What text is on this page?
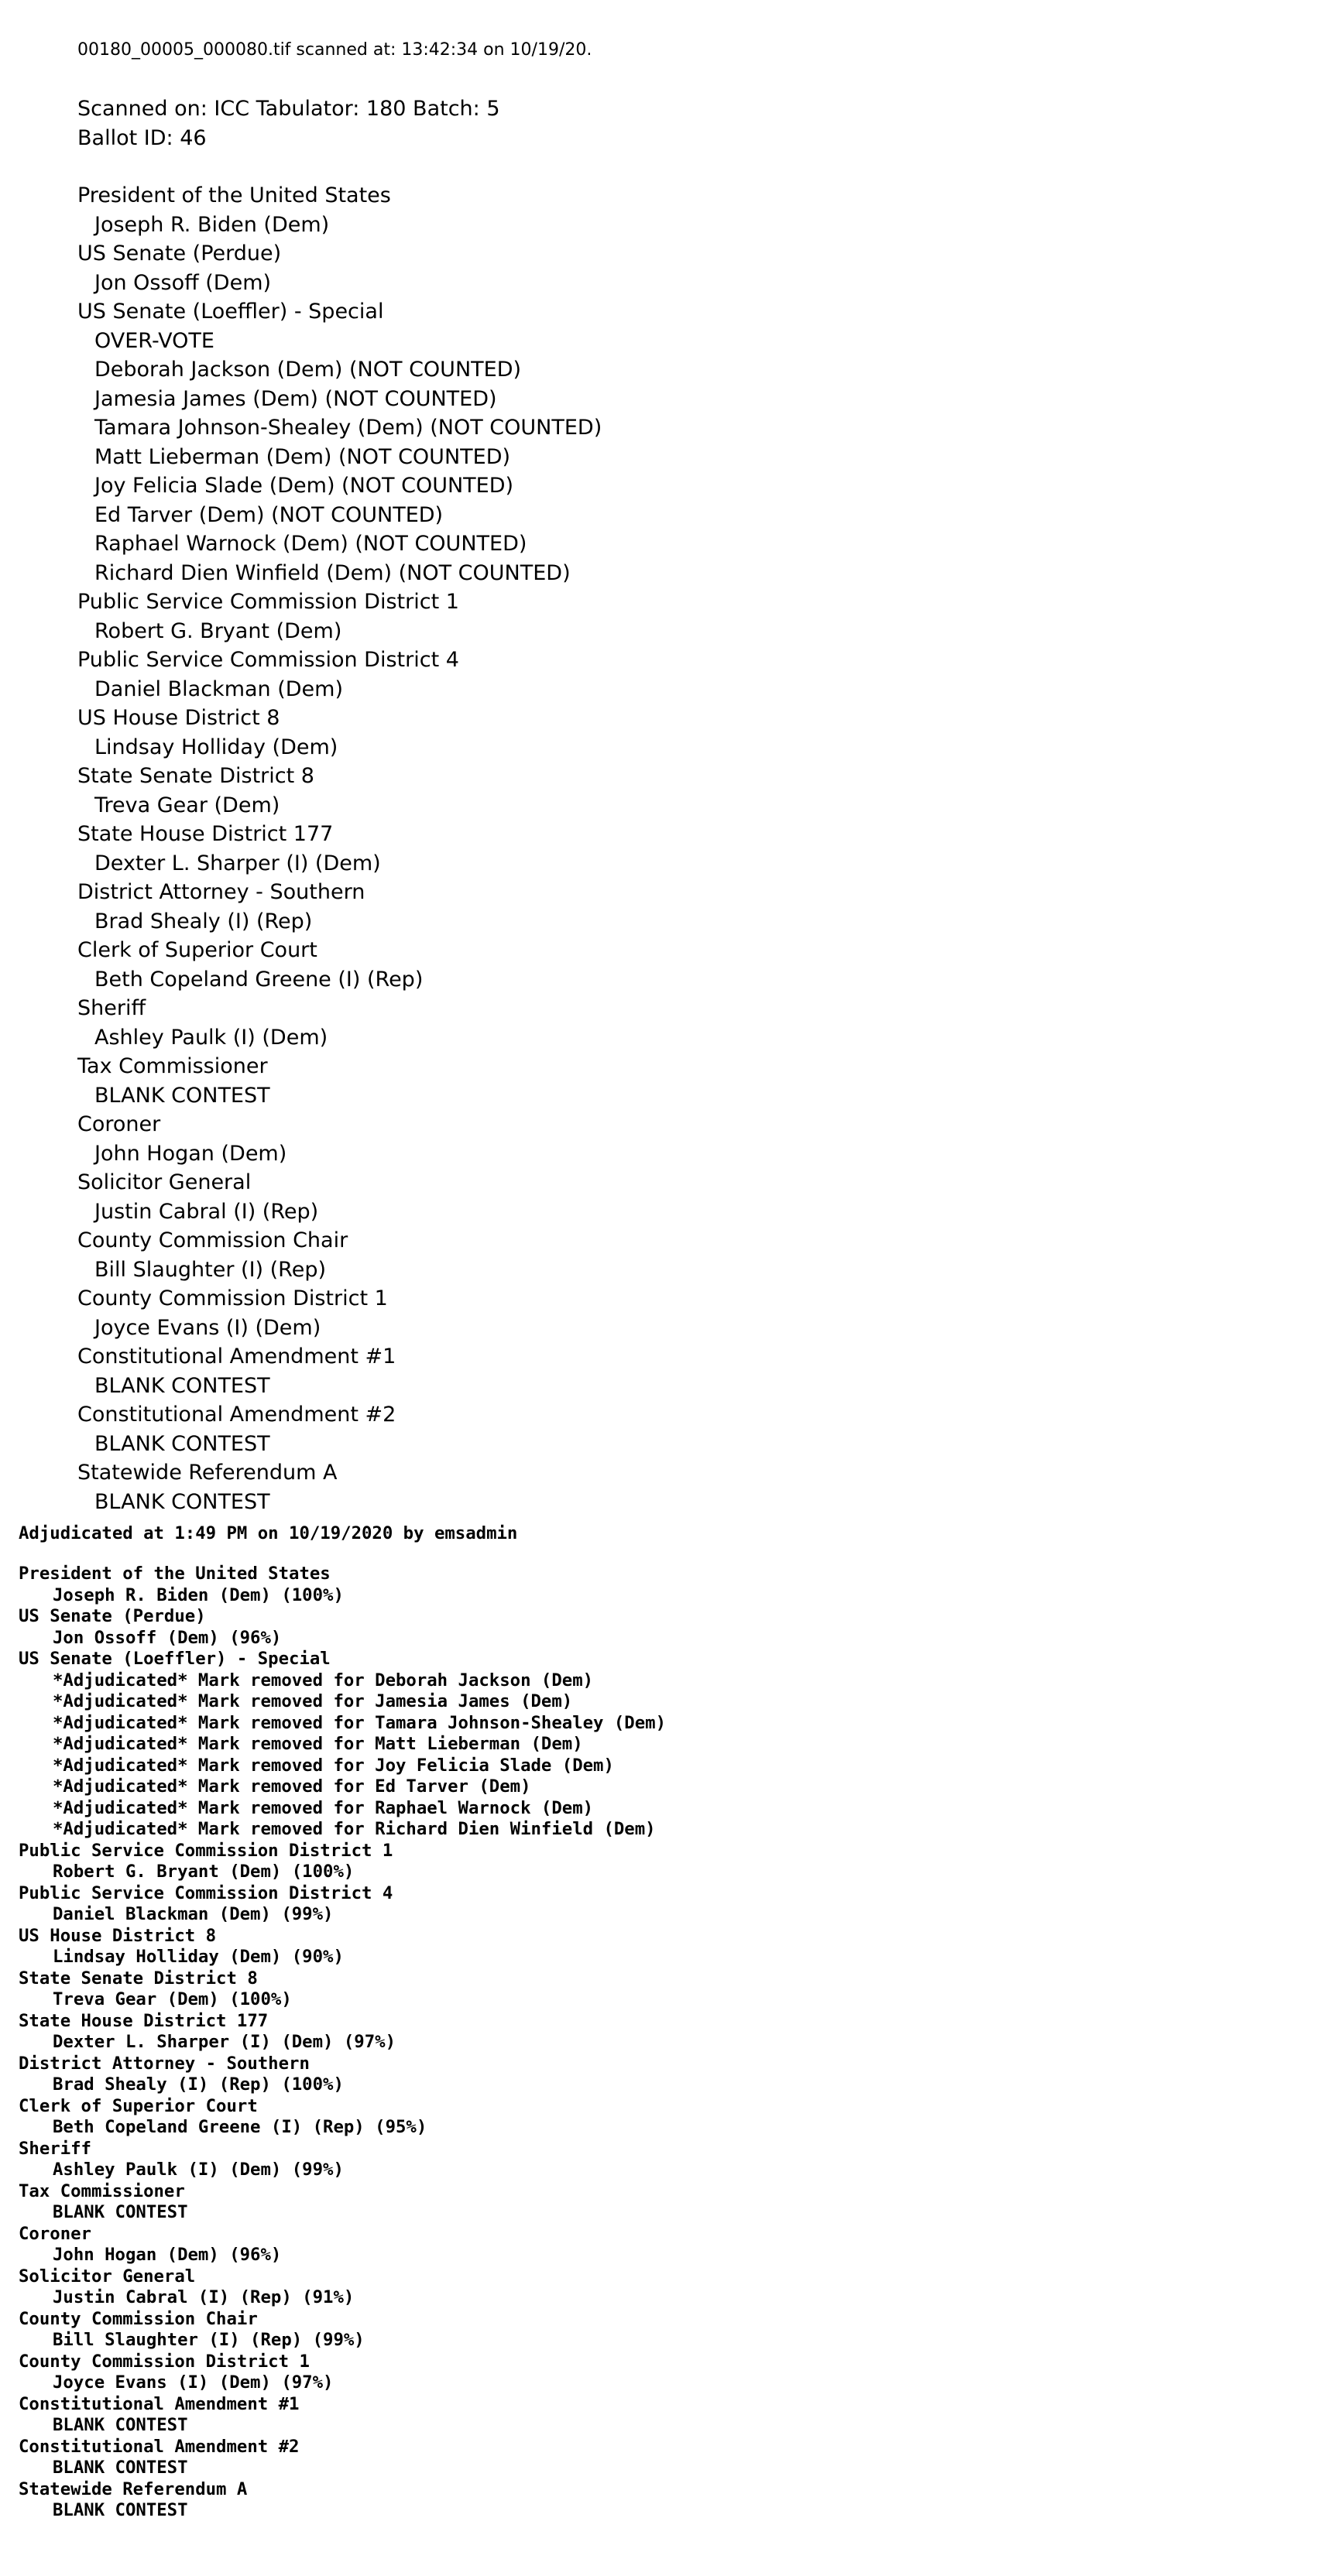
00180_00005_000080.tif scanned at: 13:42:34 on 10/19/20.
Scanned on: ICC Tabulator: 180 Batch: 5
Ballot ID: 46
President of the United States
Joseph R. Biden (Dem)
US Senate (Perdue)
Jon Ossoff (Dem)
US Senate (Loeffler) - Special
OVER-VOTE
Deborah Jackson (Dem) (NOT COUNTED)
Jamesia James (Dem) (NOT COUNTED)
Tamara Johnson-Shealey (Dem) (NOT COUNTED)
Matt Lieberman (Dem) (NOT COUNTED)
Joy Felicia Slade (Dem) (NOT COUNTED)
Ed Tarver (Dem) (NOT COUNTED)
Raphael Warnock (Dem) (NOT COUNTED)
Richard Dien Winfield (Dem) (NOT COUNTED)
Public Service Commission District 1
Robert G. Bryant (Dem)
Public Service Commission District 4
Daniel Blackman (Dem)
US House District 8
Lindsay Holliday (Dem)
State Senate District 8
Treva Gear (Dem)
State House District 177
Dexter L. Sharper (I) (Dem)
District Attorney - Southern
Brad Shealy (I) (Rep)
Clerk of Superior Court
Beth Copeland Greene (I) (Rep)
Sheriff
Ashley Paulk (I) (Dem)
Tax Commissioner
BLANK CONTEST
Coroner
John Hogan (Dem)
Solicitor General
Justin Cabral (I) (Rep)
County Commission Chair
Bill Slaughter (I) (Rep)
County Commission District 1
Joyce Evans (I) (Dem)
Constitutional Amendment #1
BLANK CONTEST
Constitutional Amendment #2
BLANK CONTEST
Statewide Referendum A
BLANK CONTEST
Adjudicated at 1:49 PM on 10/19/2020 by emsadmin
President of the United States
Joseph R. Biden (Dem) (100%)
US Senate (Perdue)
Jon Ossoff (Dem) (96%)
US Senate (Loeffler) - Special
*Adjudicated* Mark removed for Deborah Jackson (Dem)
*Adjudicated* Mark removed for Jamesia James (Dem)
*Adjudicated* Mark removed for Tamara Johnson-Shealey (Dem)
*Adjudicated* Mark removed for Matt Lieberman (Dem)
*Adjudicated* Mark removed for Joy Felicia Slade (Dem)
*Adjudicated* Mark removed for Ed Tarver (Dem)
*Adjudicated* Mark removed for Raphael Warnock (Dem)
*Adjudicated* Mark removed for Richard Dien Winfield (Dem)
Public Service Commission District 1
Robert G. Bryant (Dem) (100%)
Public Service Commission District 4
Daniel Blackman (Dem) (99%)
US House District 8
Lindsay Holliday (Dem) (90%)
State Senate District 8
Treva Gear (Dem) (100%)
State House District 177
Dexter L. Sharper (I) (Dem) (97%)
District Attorney - Southern
Brad Shealy (I) (Rep) (100%)
Clerk of Superior Court
Beth Copeland Greene (I) (Rep) (95%)
Sheriff
Ashley Paulk (I) (Dem) (99%)
Tax Commissioner
BLANK CONTEST
Coroner
John Hogan (Dem) (96%)
Solicitor General
Justin Cabral (I) (Rep) (91%)
County Commission Chair
Bill Slaughter (I) (Rep) (99%)
County Commission District 1
Joyce Evans (I) (Dem) (97%)
Constitutional Amendment #1
BLANK CONTEST
Constitutional Amendment #2
BLANK CONTEST
Statewide Referendum A
BLANK CONTEST
